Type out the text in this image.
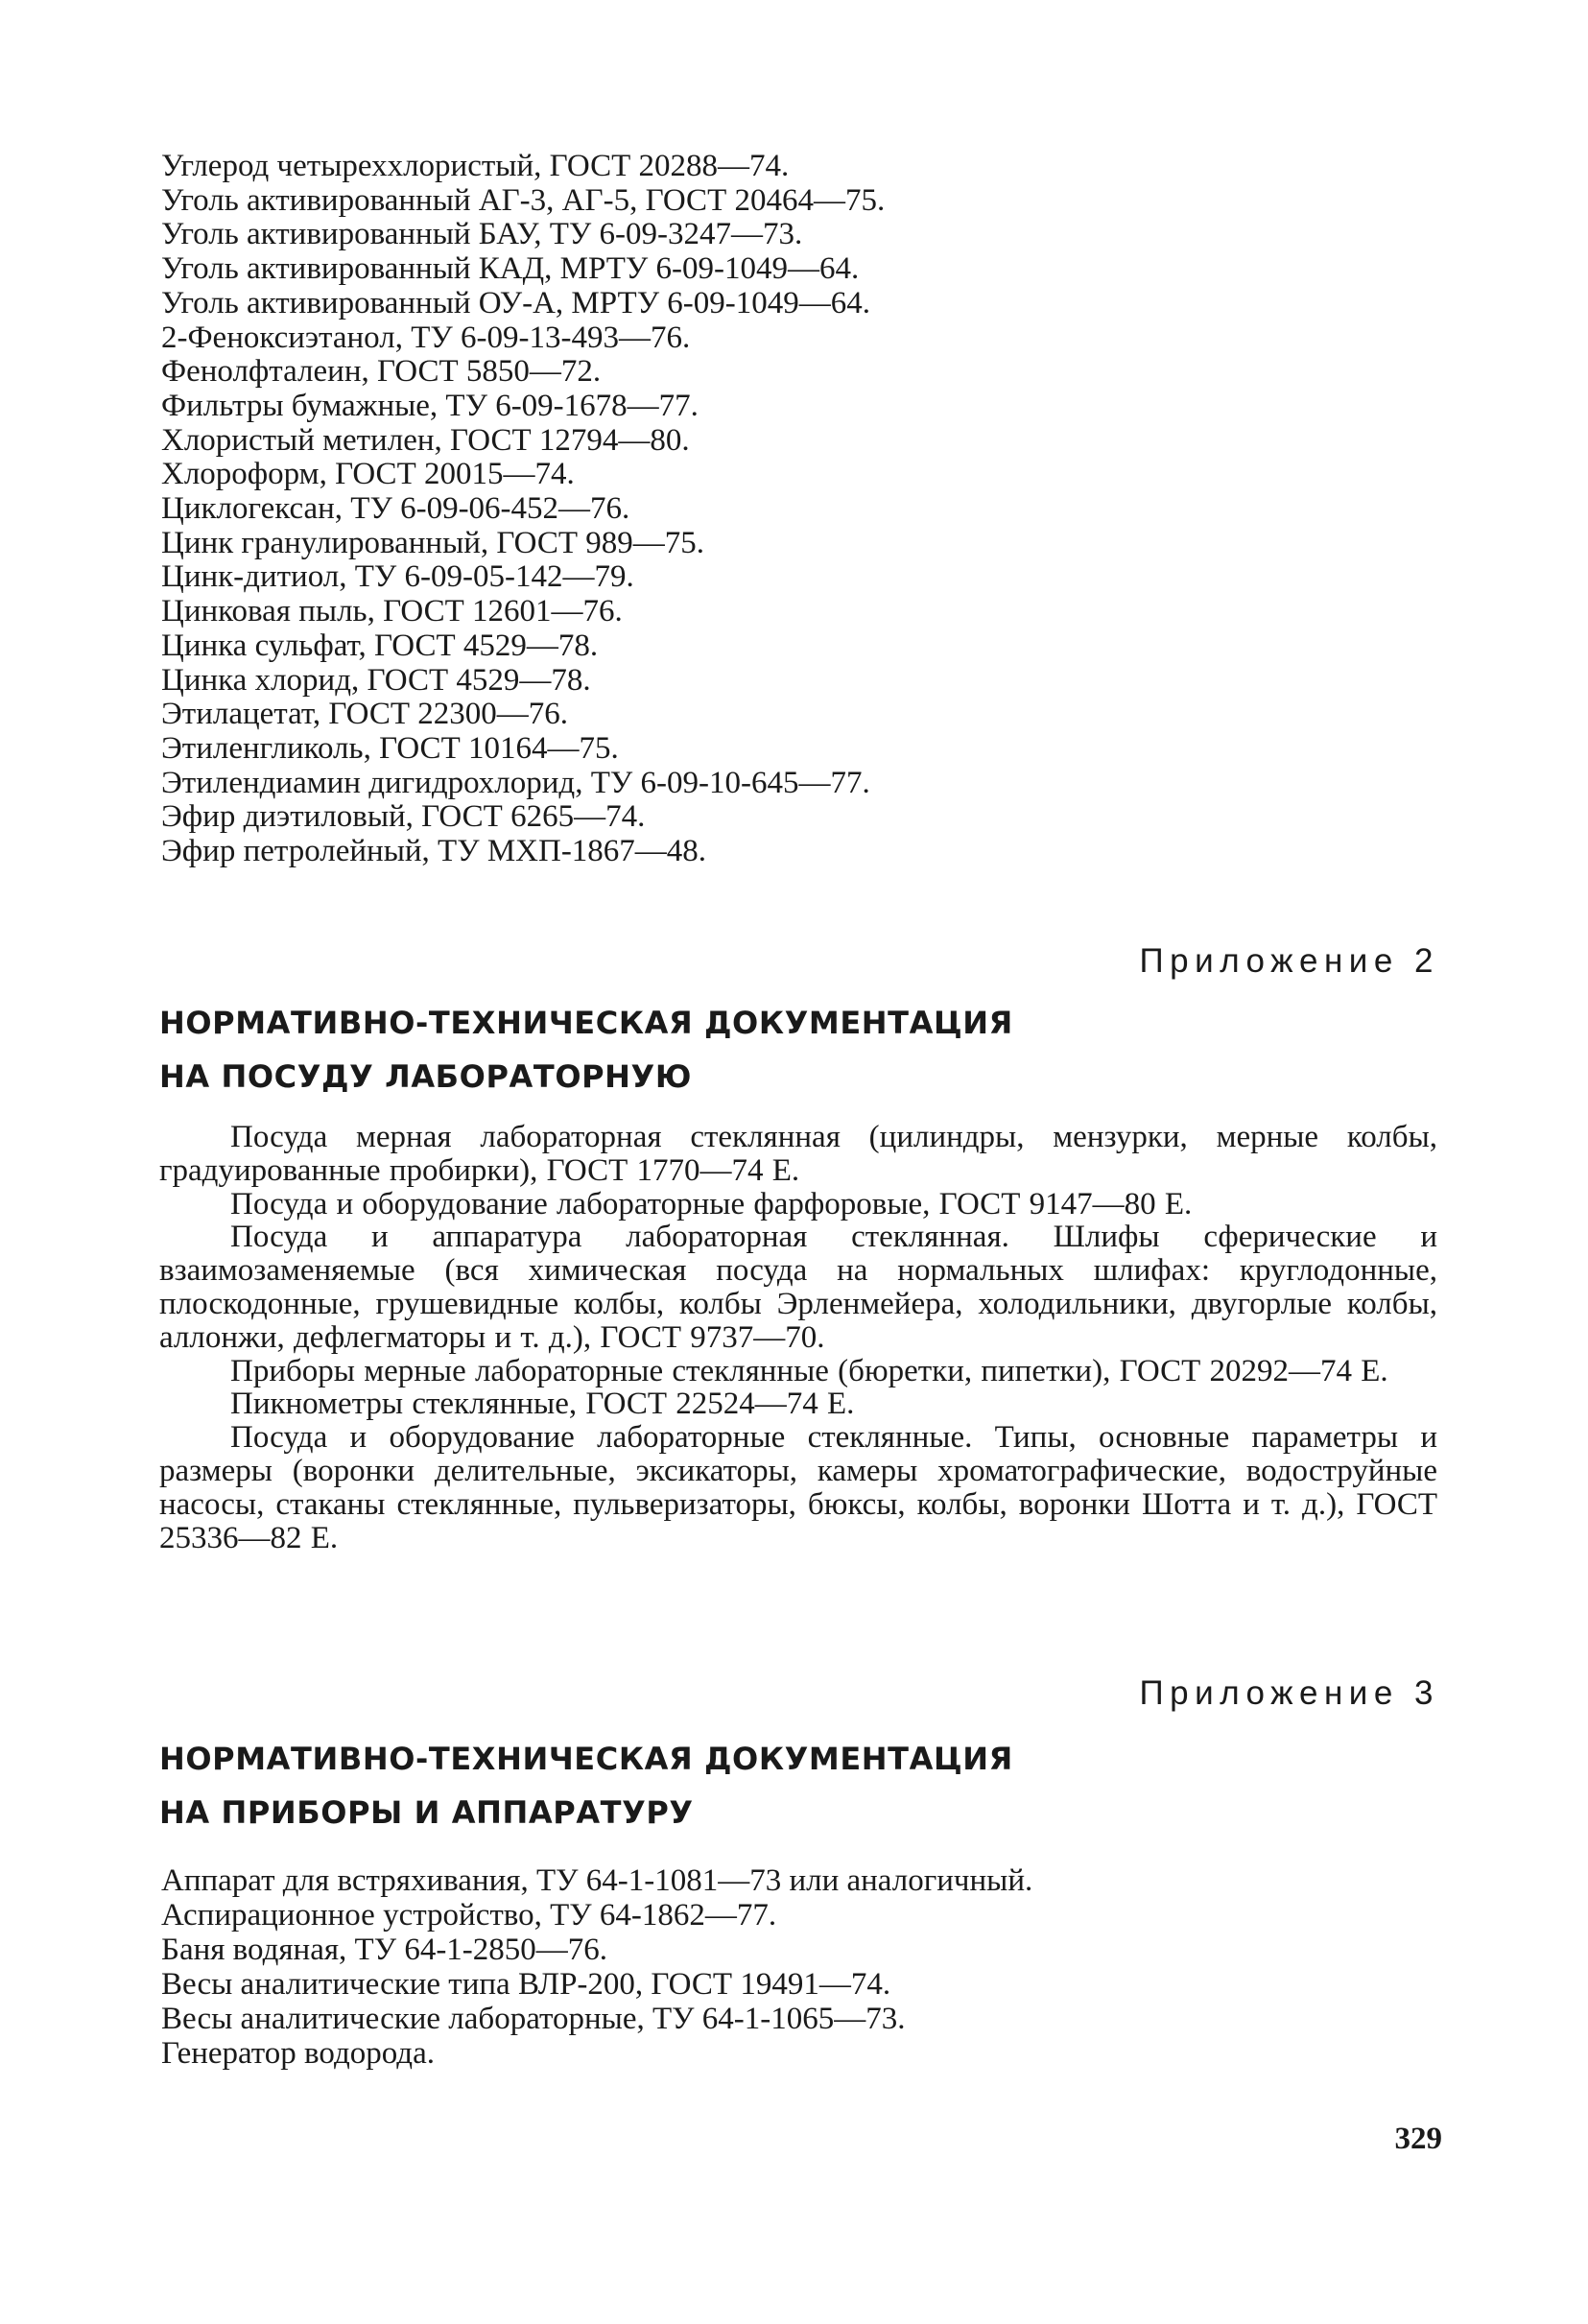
Углерод четыреххлористый, ГОСТ 20288—74.
Уголь активированный АГ-3, АГ-5, ГОСТ 20464—75.
Уголь активированный БАУ, ТУ 6-09-3247—73.
Уголь активированный КАД, МРТУ 6-09-1049—64.
Уголь активированный ОУ-А, МРТУ 6-09-1049—64.
2-Феноксиэтанол, ТУ 6-09-13-493—76.
Фенолфталеин, ГОСТ 5850—72.
Фильтры бумажные, ТУ 6-09-1678—77.
Хлористый метилен, ГОСТ 12794—80.
Хлороформ, ГОСТ 20015—74.
Циклогексан, ТУ 6-09-06-452—76.
Цинк гранулированный, ГОСТ 989—75.
Цинк-дитиол, ТУ 6-09-05-142—79.
Цинковая пыль, ГОСТ 12601—76.
Цинка сульфат, ГОСТ 4529—78.
Цинка хлорид, ГОСТ 4529—78.
Этилацетат, ГОСТ 22300—76.
Этиленгликоль, ГОСТ 10164—75.
Этилендиамин дигидрохлорид, ТУ 6-09-10-645—77.
Эфир диэтиловый, ГОСТ 6265—74.
Эфир петролейный, ТУ МХП-1867—48.
Приложение 2
НОРМАТИВНО-ТЕХНИЧЕСКАЯ ДОКУМЕНТАЦИЯ
НА ПОСУДУ ЛАБОРАТОРНУЮ

Посуда мерная лабораторная стеклянная (цилиндры, мензурки, мерные колбы, градуированные пробирки), ГОСТ 1770—74 Е.

Посуда и оборудование лабораторные фарфоровые, ГОСТ 9147—80 Е.

Посуда и аппаратура лабораторная стеклянная. Шлифы сферические и взаимозаменяемые (вся химическая посуда на нормальных шлифах: круглодонные, плоскодонные, грушевидные колбы, колбы Эрленмейера, холодильники, двугорлые колбы, аллонжи, дефлегматоры и т. д.), ГОСТ 9737—70.

Приборы мерные лабораторные стеклянные (бюретки, пипетки), ГОСТ 20292—74 Е.

Пикнометры стеклянные, ГОСТ 22524—74 Е.

Посуда и оборудование лабораторные стеклянные. Типы, основные параметры и размеры (воронки делительные, эксикаторы, камеры хроматографические, водоструйные насосы, стаканы стеклянные, пульверизаторы, бюксы, колбы, воронки Шотта и т. д.), ГОСТ 25336—82 Е.

Приложение 3
НОРМАТИВНО-ТЕХНИЧЕСКАЯ ДОКУМЕНТАЦИЯ
НА ПРИБОРЫ И АППАРАТУРУ
Аппарат для встряхивания, ТУ 64-1-1081—73 или аналогичный.
Аспирационное устройство, ТУ 64-1862—77.
Баня водяная, ТУ 64-1-2850—76.
Весы аналитические типа ВЛР-200, ГОСТ 19491—74.
Весы аналитические лабораторные, ТУ 64-1-1065—73.
Генератор водорода.
329
